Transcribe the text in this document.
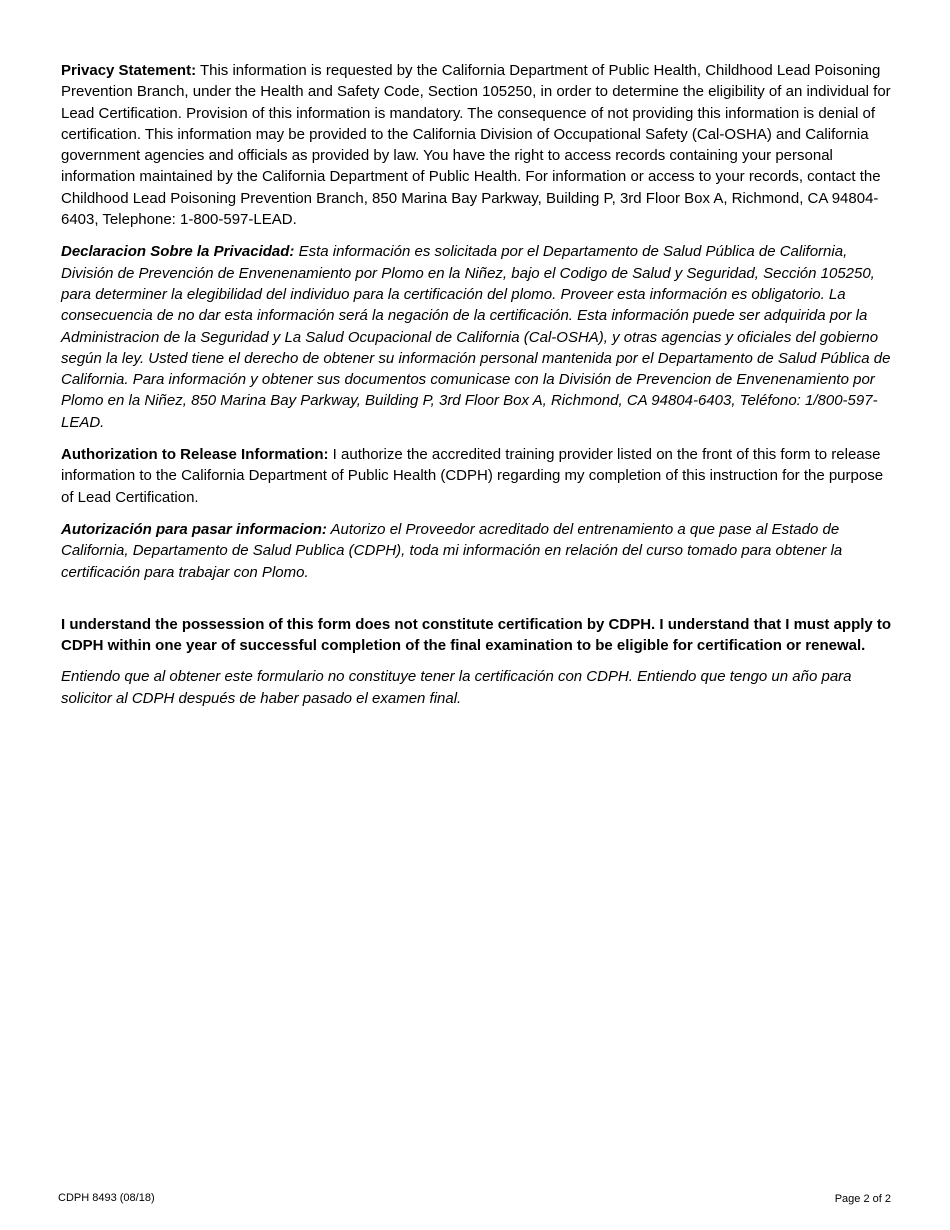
Privacy Statement: This information is requested by the California Department of Public Health, Childhood Lead Poisoning Prevention Branch, under the Health and Safety Code, Section 105250, in order to determine the eligibility of an individual for Lead Certification. Provision of this information is mandatory. The consequence of not providing this information is denial of certification. This information may be provided to the California Division of Occupational Safety (Cal-OSHA) and California government agencies and officials as provided by law. You have the right to access records containing your personal information maintained by the California Department of Public Health. For information or access to your records, contact the Childhood Lead Poisoning Prevention Branch, 850 Marina Bay Parkway, Building P, 3rd Floor Box A, Richmond, CA 94804-6403, Telephone: 1-800-597-LEAD.

Declaracion Sobre la Privacidad: Esta información es solicitada por el Departamento de Salud Pública de California, División de Prevención de Envenenamiento por Plomo en la Niñez, bajo el Codigo de Salud y Seguridad, Sección 105250, para determiner la elegibilidad del individuo para la certificación del plomo. Proveer esta información es obligatorio. La consecuencia de no dar esta información será la negación de la certificación. Esta información puede ser adquirida por la Administracion de la Seguridad y La Salud Ocupacional de California (Cal-OSHA), y otras agencias y oficiales del gobierno según la ley. Usted tiene el derecho de obtener su información personal mantenida por el Departamento de Salud Pública de California. Para información y obtener sus documentos comunicase con la División de Prevencion de Envenenamiento por Plomo en la Niñez, 850 Marina Bay Parkway, Building P, 3rd Floor Box A, Richmond, CA 94804-6403, Teléfono: 1/800-597-LEAD.

Authorization to Release Information: I authorize the accredited training provider listed on the front of this form to release information to the California Department of Public Health (CDPH) regarding my completion of this instruction for the purpose of Lead Certification.

Autorización para pasar informacion: Autorizo el Proveedor acreditado del entrenamiento a que pase al Estado de California, Departamento de Salud Publica (CDPH), toda mi información en relación del curso tomado para obtener la certificación para trabajar con Plomo.

I understand the possession of this form does not constitute certification by CDPH. I understand that I must apply to CDPH within one year of successful completion of the final examination to be eligible for certification or renewal.

Entiendo que al obtener este formulario no constituye tener la certificación con CDPH. Entiendo que tengo un año para solicitor al CDPH después de haber pasado el examen final.

CDPH 8493 (08/18)	Page 2 of 2
